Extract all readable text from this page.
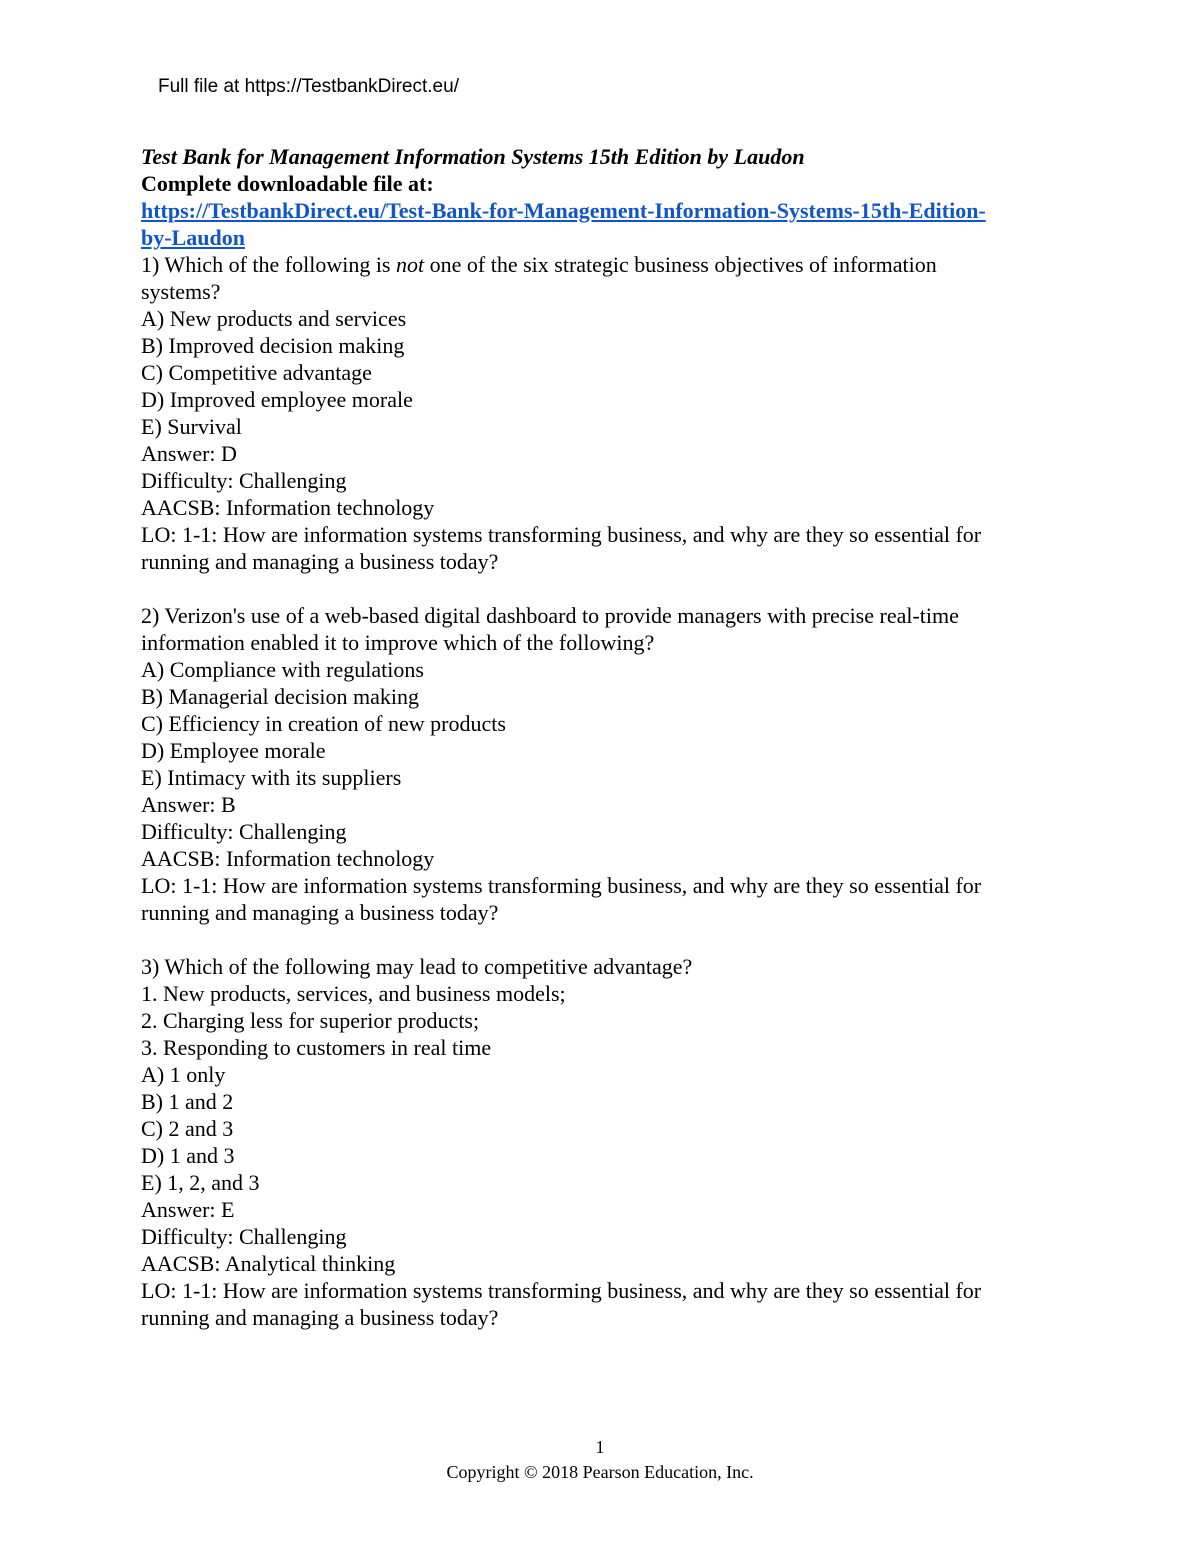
Full file at https://TestbankDirect.eu/
Test Bank for Management Information Systems 15th Edition by Laudon
Complete downloadable file at:
https://TestbankDirect.eu/Test-Bank-for-Management-Information-Systems-15th-Edition-
by-Laudon
1) Which of the following is not one of the six strategic business objectives of information
systems?
A) New products and services
B) Improved decision making
C) Competitive advantage
D) Improved employee morale
E) Survival
Answer: D
Difficulty: Challenging
AACSB: Information technology
LO: 1-1: How are information systems transforming business, and why are they so essential for
running and managing a business today?
2) Verizon's use of a web-based digital dashboard to provide managers with precise real-time
information enabled it to improve which of the following?
A) Compliance with regulations
B) Managerial decision making
C) Efficiency in creation of new products
D) Employee morale
E) Intimacy with its suppliers
Answer: B
Difficulty: Challenging
AACSB: Information technology
LO: 1-1: How are information systems transforming business, and why are they so essential for
running and managing a business today?
3) Which of the following may lead to competitive advantage?
1. New products, services, and business models;
2. Charging less for superior products;
3. Responding to customers in real time
A) 1 only
B) 1 and 2
C) 2 and 3
D) 1 and 3
E) 1, 2, and 3
Answer: E
Difficulty: Challenging
AACSB: Analytical thinking
LO: 1-1: How are information systems transforming business, and why are they so essential for
running and managing a business today?
1
Copyright © 2018 Pearson Education, Inc.
